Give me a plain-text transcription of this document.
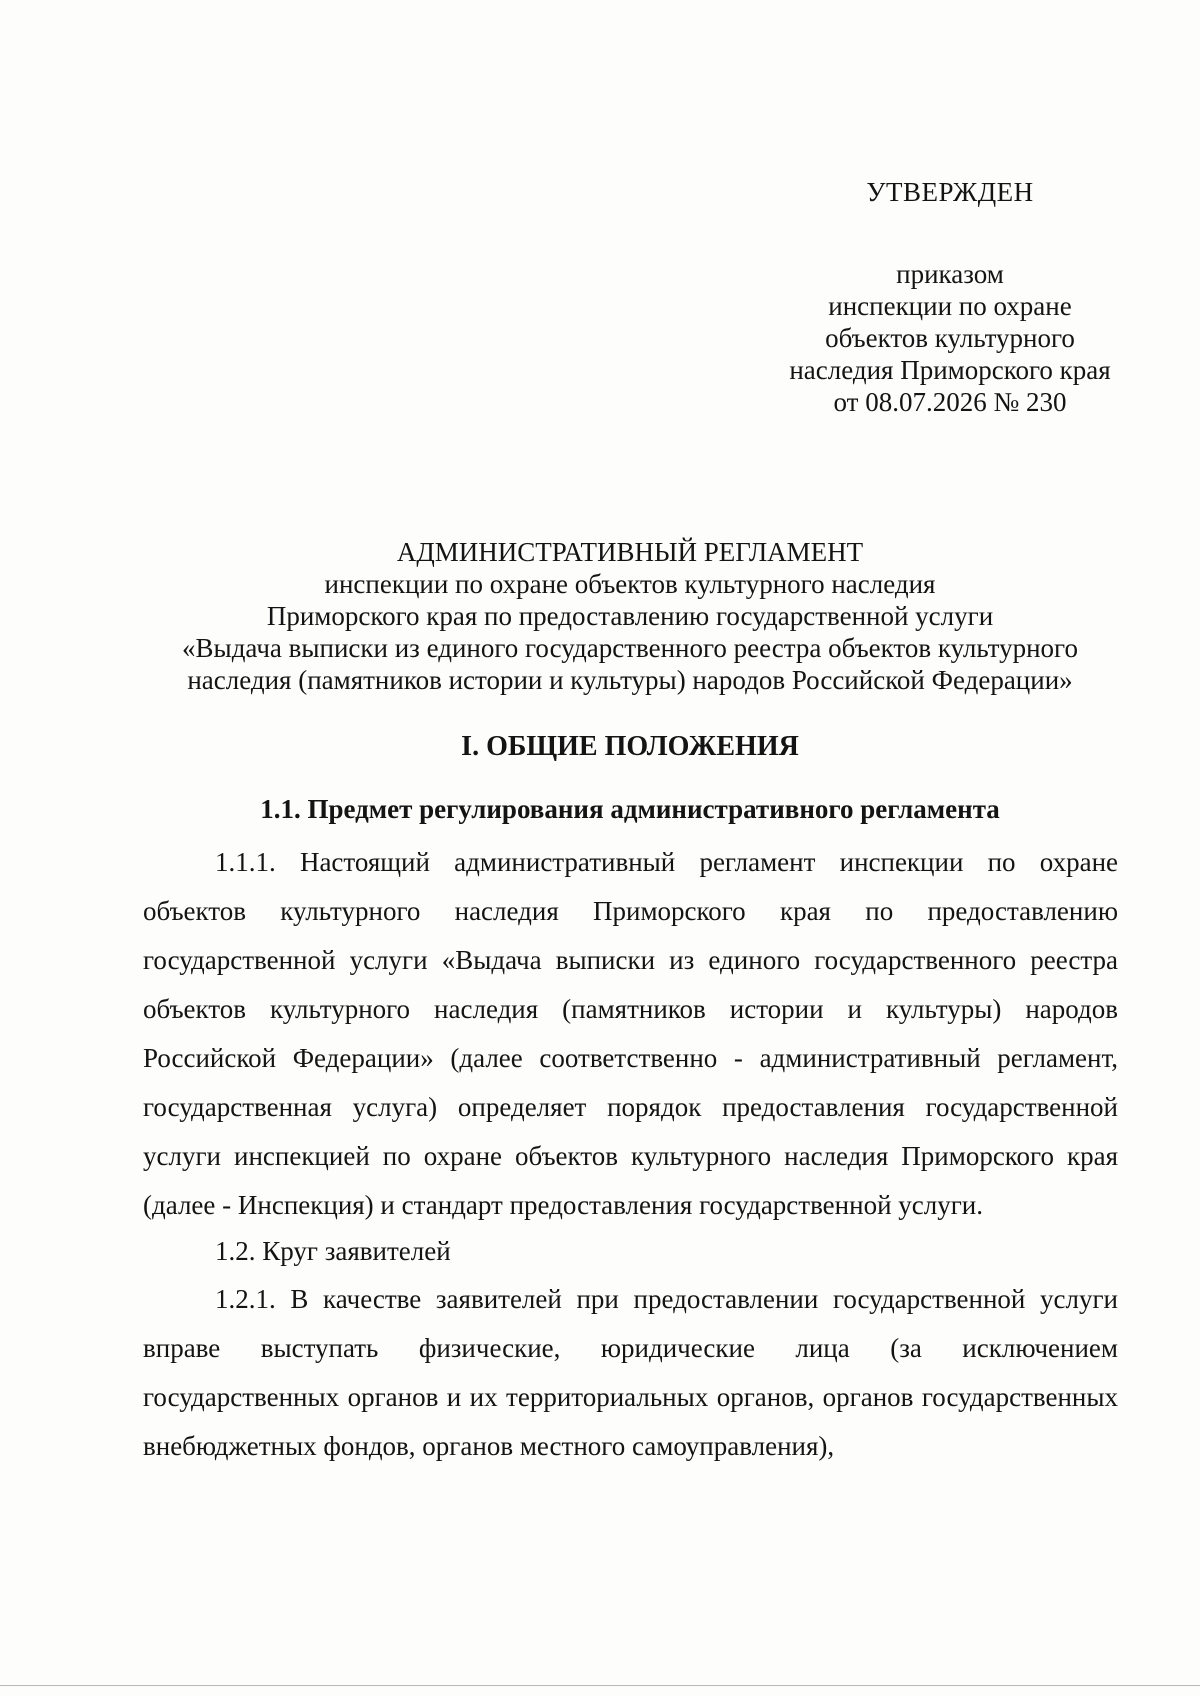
УТВЕРЖДЕН
приказом
инспекции по охране
объектов культурного
наследия Приморского края
от 08.07.2026 № 230
АДМИНИСТРАТИВНЫЙ РЕГЛАМЕНТ
инспекции по охране объектов культурного наследия
Приморского края по предоставлению государственной услуги
«Выдача выписки из единого государственного реестра объектов культурного
наследия (памятников истории и культуры) народов Российской Федерации»
I. ОБЩИЕ ПОЛОЖЕНИЯ
1.1. Предмет регулирования административного регламента

1.1.1. Настоящий административный регламент инспекции по охране объектов культурного наследия Приморского края по предоставлению государственной услуги «Выдача выписки из единого государственного реестра объектов культурного наследия (памятников истории и культуры) народов Российской Федерации» (далее соответственно - административный регламент, государственная услуга) определяет порядок предоставления государственной услуги инспекцией по охране объектов культурного наследия Приморского края (далее - Инспекция) и стандарт предоставления государственной услуги.

1.2. Круг заявителей

1.2.1. В качестве заявителей при предоставлении государственной услуги вправе выступать физические, юридические лица (за исключением государственных органов и их территориальных органов, органов государственных внебюджетных фондов, органов местного самоуправления),
